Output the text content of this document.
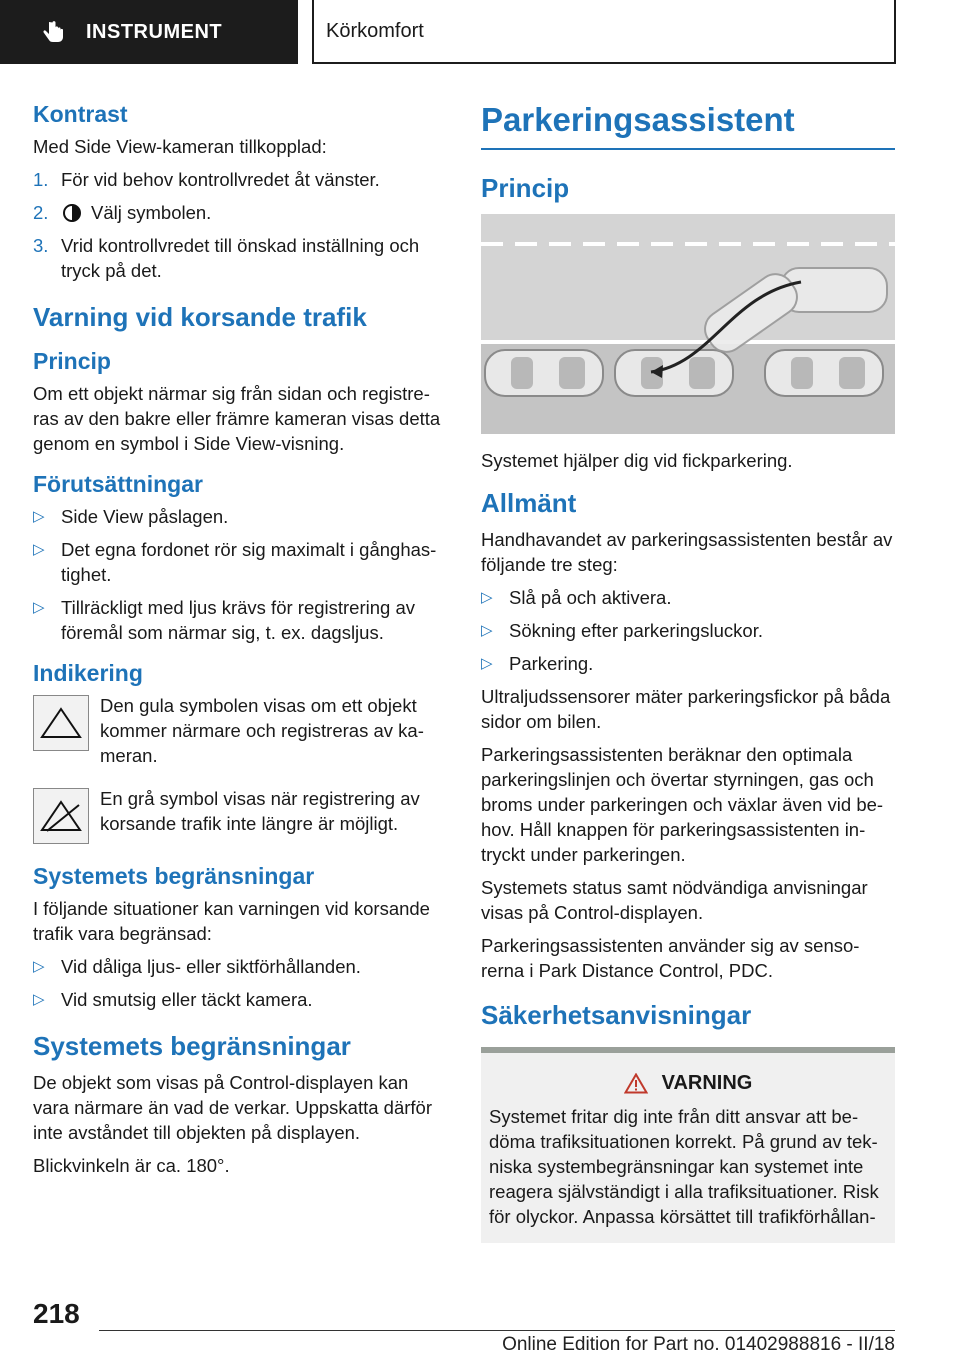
INSTRUMENT	Körkomfort
Kontrast

Med Side View-kameran tillkopplad:

1. För vid behov kontrollvredet åt vänster.
2. Välj symbolen.
3. Vrid kontrollvredet till önskad inställning och tryck på det.
Varning vid korsande trafik
Princip

Om ett objekt närmar sig från sidan och registreras av den bakre eller främre kameran visas detta genom en symbol i Side View-visning.

Förutsättningar
▷ Side View påslagen.
▷ Det egna fordonet rör sig maximalt i gånghastighet.
▷ Tillräckligt med ljus krävs för registrering av föremål som närmar sig, t. ex. dagsljus.
Indikering
Den gula symbolen visas om ett objekt kommer närmare och registreras av kameran.
En grå symbol visas när registrering av korsande trafik inte längre är möjligt.
Systemets begränsningar

I följande situationer kan varningen vid korsande trafik vara begränsad:

▷ Vid dåliga ljus- eller siktförhållanden.
▷ Vid smutsig eller täckt kamera.
Systemets begränsningar

De objekt som visas på Control-displayen kan vara närmare än vad de verkar. Uppskatta därför inte avståndet till objekten på displayen.

Blickvinkeln är ca. 180°.

Parkeringsassistent
Princip

Systemet hjälper dig vid fickparkering.

Allmänt

Handhavandet av parkeringsassistenten består av följande tre steg:

▷ Slå på och aktivera.
▷ Sökning efter parkeringsluckor.
▷ Parkering.

Ultraljudssensorer mäter parkeringsfickor på båda sidor om bilen.

Parkeringsassistenten beräknar den optimala parkeringslinjen och övertar styrningen, gas och broms under parkeringen och växlar även vid behov. Håll knappen för parkeringsassistenten intryckt under parkeringen.

Systemets status samt nödvändiga anvisningar visas på Control-displayen.

Parkeringsassistenten använder sig av sensorerna i Park Distance Control, PDC.

Säkerhetsanvisningar
VARNING

Systemet fritar dig inte från ditt ansvar att bedöma trafiksituationen korrekt. På grund av tekniska systembegränsningar kan systemet inte reagera självständigt i alla trafiksituationer. Risk för olyckor. Anpassa körsättet till trafikförhållan-

218
Online Edition for Part no. 01402988816 - II/18
